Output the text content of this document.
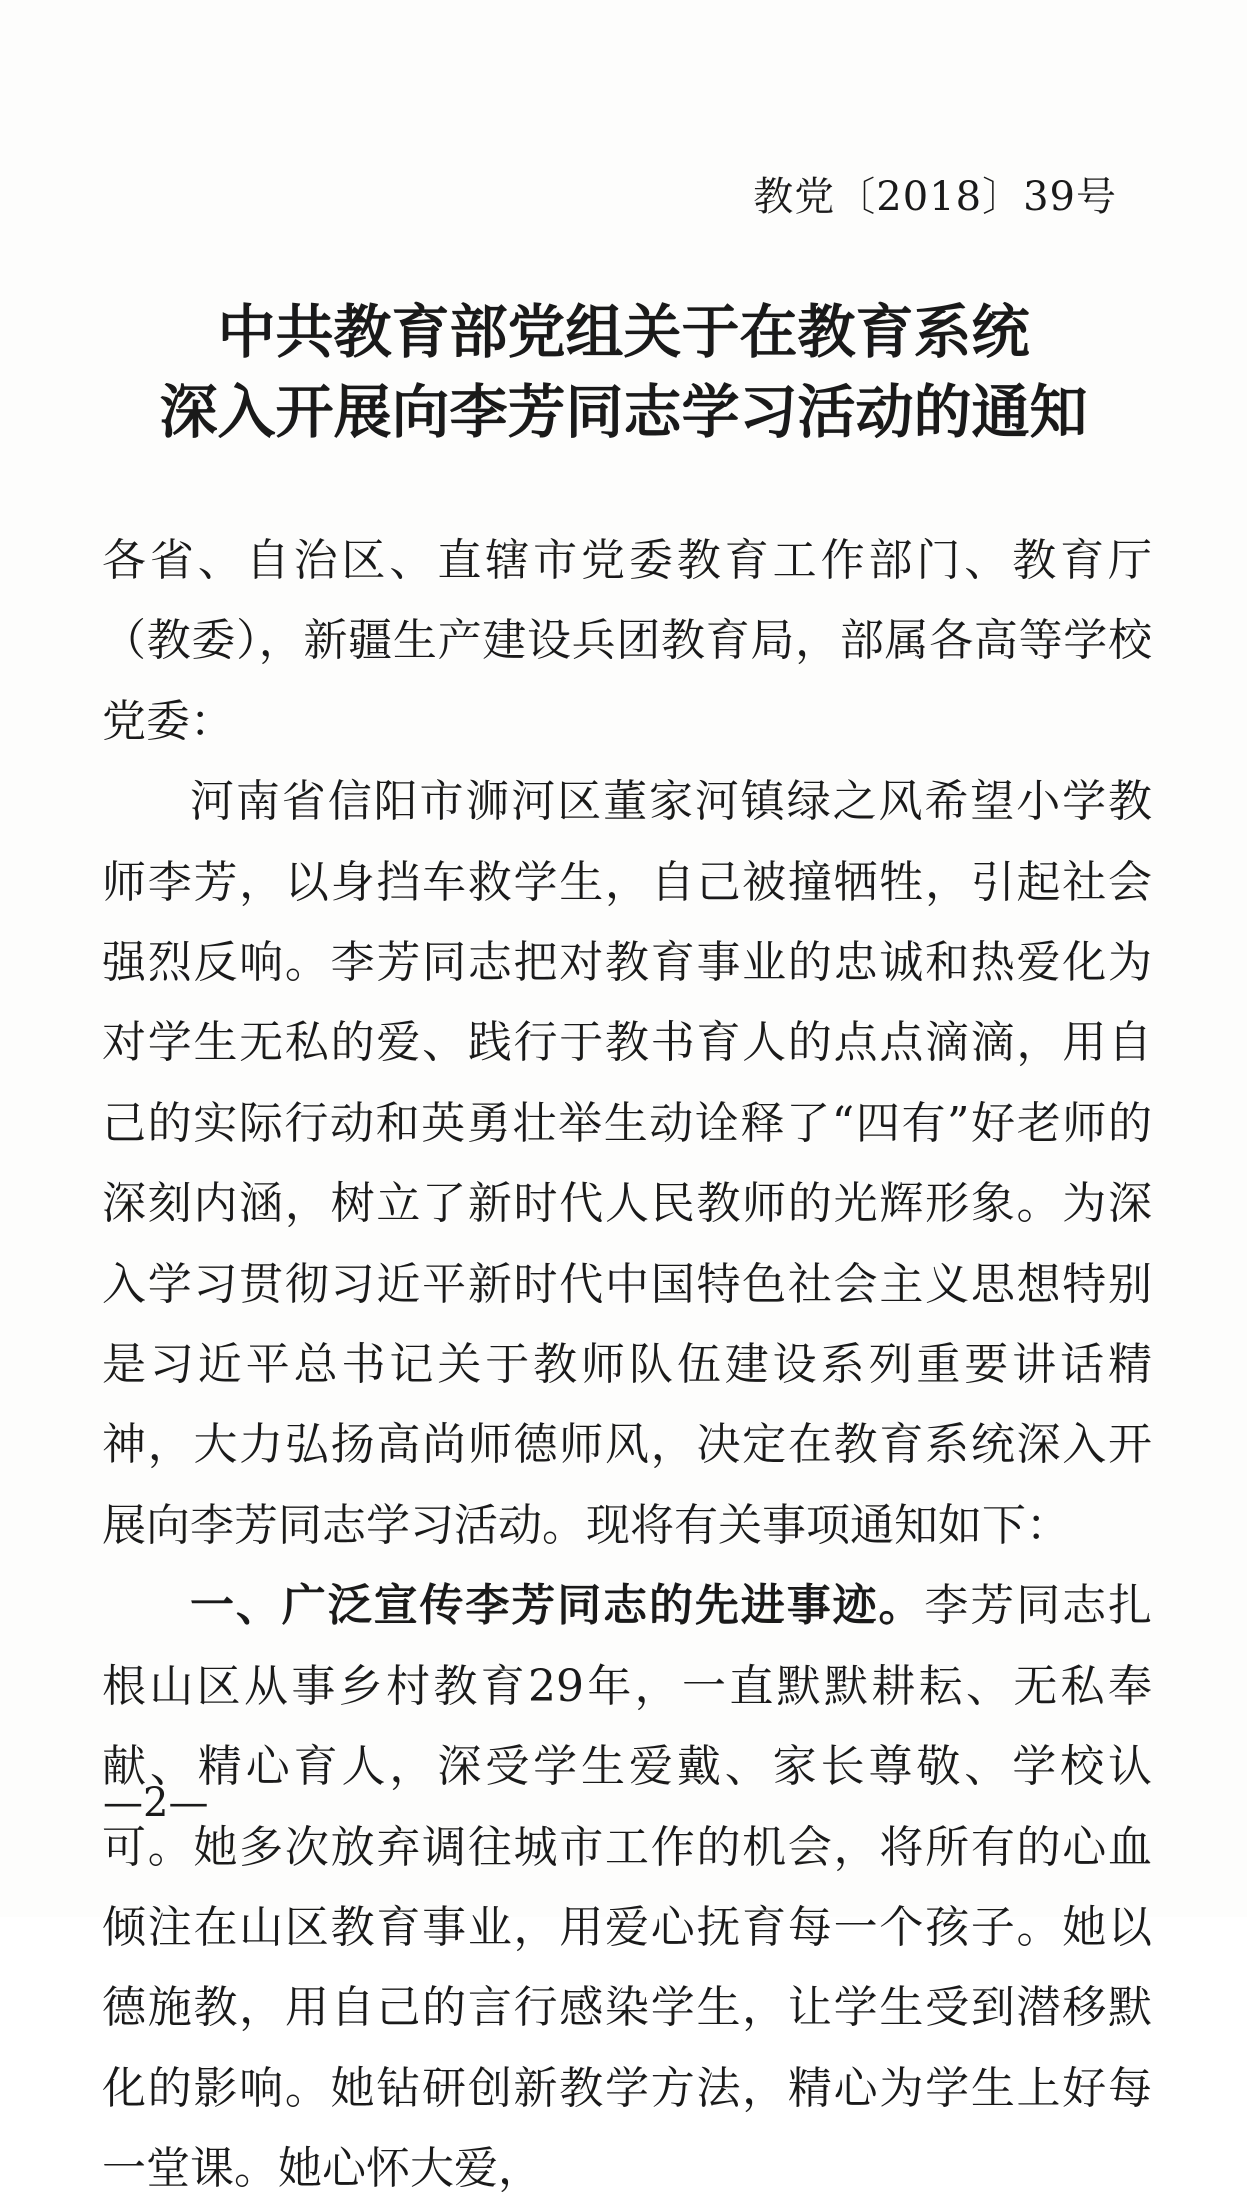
教党〔2018〕39号
中共教育部党组关于在教育系统
深入开展向李芳同志学习活动的通知

各省、自治区、直辖市党委教育工作部门、教育厅（教委），新疆生产建设兵团教育局，部属各高等学校党委：

河南省信阳市浉河区董家河镇绿之风希望小学教师李芳，以身挡车救学生，自己被撞牺牲，引起社会强烈反响。李芳同志把对教育事业的忠诚和热爱化为对学生无私的爱、践行于教书育人的点点滴滴，用自己的实际行动和英勇壮举生动诠释了“四有”好老师的深刻内涵，树立了新时代人民教师的光辉形象。为深入学习贯彻习近平新时代中国特色社会主义思想特别是习近平总书记关于教师队伍建设系列重要讲话精神，大力弘扬高尚师德师风，决定在教育系统深入开展向李芳同志学习活动。现将有关事项通知如下：

一、广泛宣传李芳同志的先进事迹。李芳同志扎根山区从事乡村教育29年，一直默默耕耘、无私奉献、精心育人，深受学生爱戴、家长尊敬、学校认可。她多次放弃调往城市工作的机会，将所有的心血倾注在山区教育事业，用爱心抚育每一个孩子。她以德施教，用自己的言行感染学生，让学生受到潜移默化的影响。她钻研创新教学方法，精心为学生上好每一堂课。她心怀大爱，

—2—
